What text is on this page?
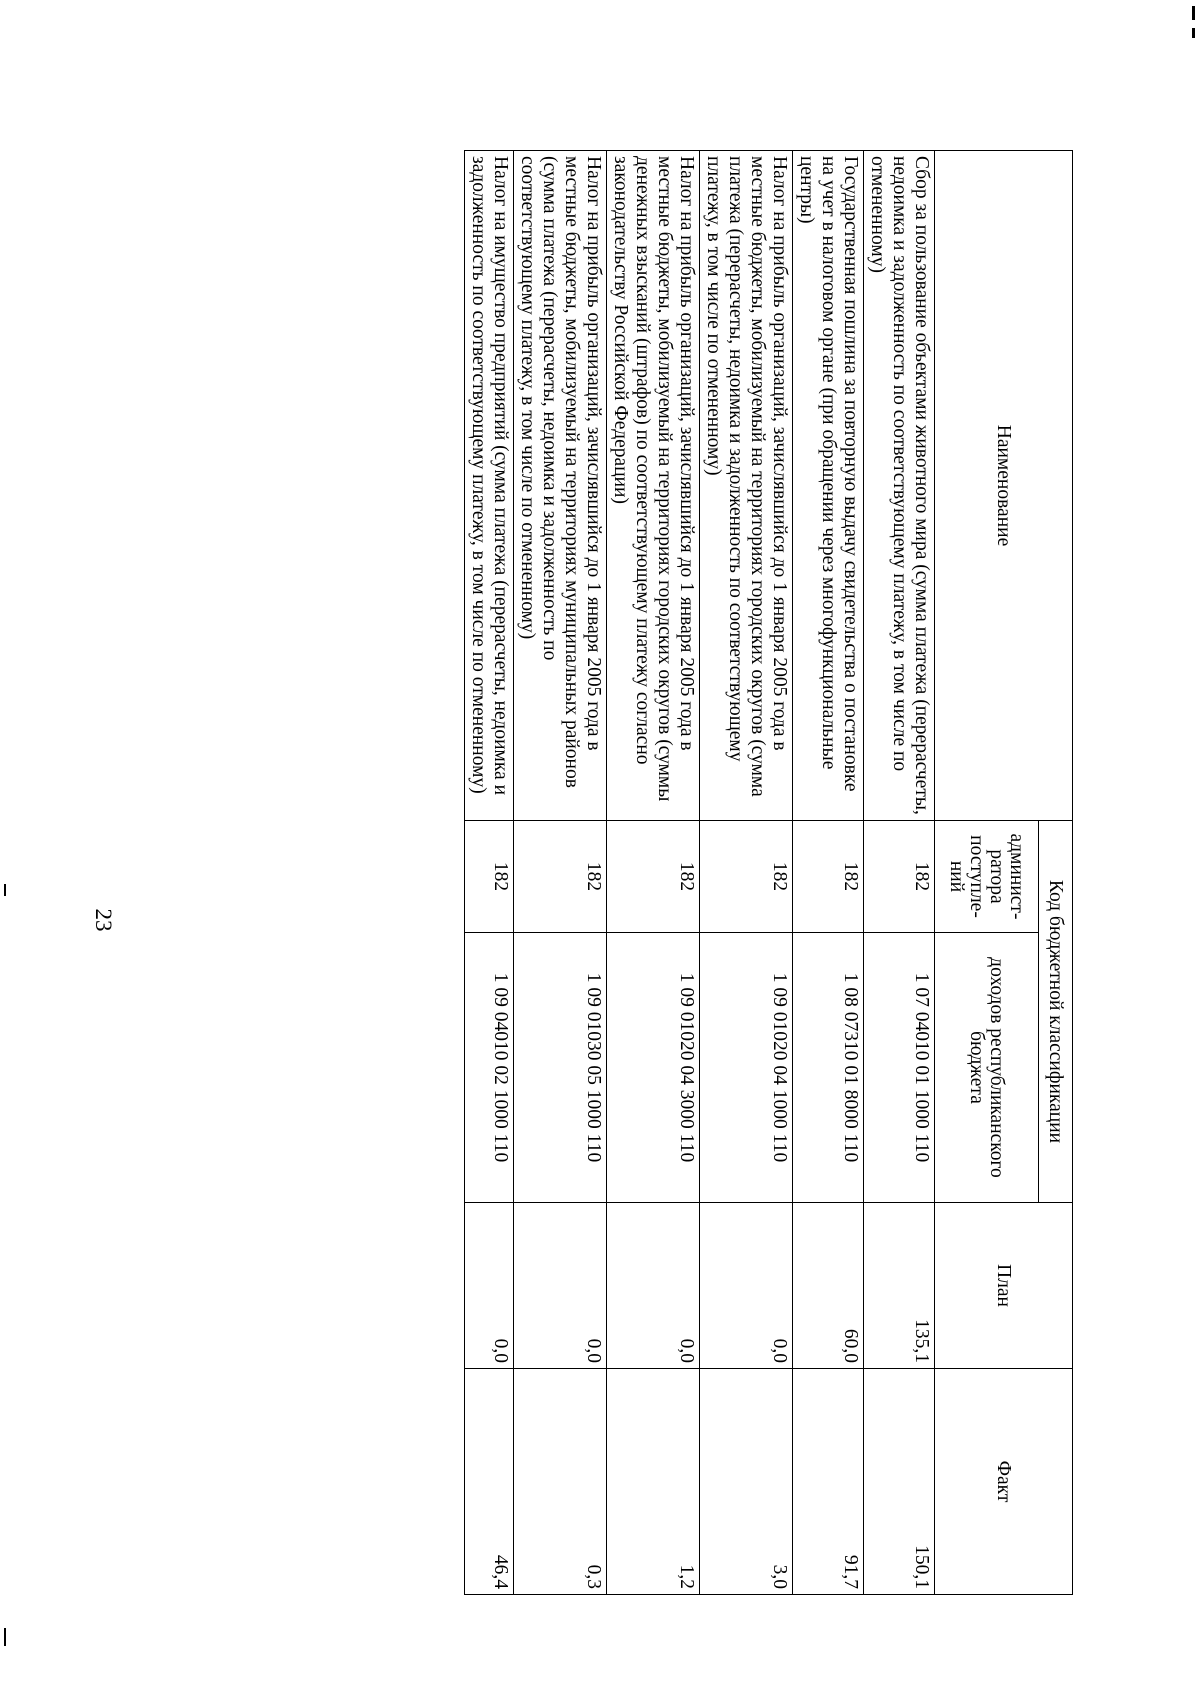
23
Наименование	Код бюджетной классификации		План	Факт
	админист-ратора поступле-ний	доходов республиканского бюджета		
Сбор за пользование объектами животного мира (сумма платежа (перерасчеты, недоимка и задолженность по соответствующему платежу, в том числе по отмененному)	182	1 07 04010 01 1000 110	135,1	150,1
Государственная пошлина за повторную выдачу свидетельства о постановке на учет в налоговом органе (при обращении через многофункциональные центры)	182	1 08 07310 01 8000 110	60,0	91,7
Налог на прибыль организаций, зачислявшийся до 1 января 2005 года в местные бюджеты, мобилизуемый на территориях городских округов (сумма платежа (перерасчеты, недоимка и задолженность по соответствующему платежу, в том числе по отмененному)	182	1 09 01020 04 1000 110	0,0	3,0
Налог на прибыль организаций, зачислявшийся до 1 января 2005 года в местные бюджеты, мобилизуемый на территориях городских округов (суммы денежных взысканий (штрафов) по соответствующему платежу согласно законодательству Российской Федерации)	182	1 09 01020 04 3000 110	0,0	1,2
Налог на прибыль организаций, зачислявшийся до 1 января 2005 года в местные бюджеты, мобилизуемый на территориях муниципальных районов (сумма платежа (перерасчеты, недоимка и задолженность по соответствующему платежу, в том числе по отмененному)	182	1 09 01030 05 1000 110	0,0	0,3
Налог на имущество предприятий (сумма платежа (перерасчеты, недоимка и задолженность по соответствующему платежу, в том числе по отмененному)	182	1 09 04010 02 1000 110	0,0	46,4
